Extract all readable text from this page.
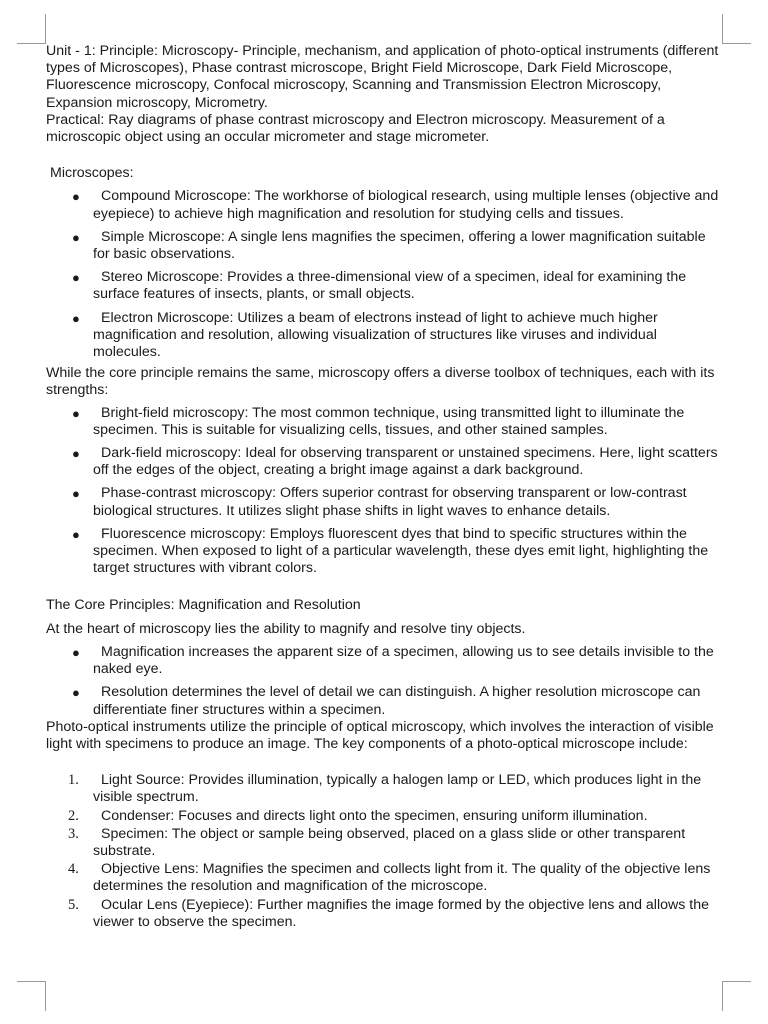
Unit - 1: Principle: Microscopy- Principle, mechanism, and application of photo-optical instruments (different types of Microscopes), Phase contrast microscope, Bright Field Microscope, Dark Field Microscope, Fluorescence microscopy, Confocal microscopy, Scanning and Transmission Electron Microscopy, Expansion microscopy, Micrometry.

Practical: Ray diagrams of phase contrast microscopy and Electron microscopy. Measurement of a microscopic object using an occular micrometer and stage micrometer.

Microscopes:

● Compound Microscope: The workhorse of biological research, using multiple lenses (objective and eyepiece) to achieve high magnification and resolution for studying cells and tissues.
● Simple Microscope: A single lens magnifies the specimen, offering a lower magnification suitable for basic observations.
● Stereo Microscope: Provides a three-dimensional view of a specimen, ideal for examining the surface features of insects, plants, or small objects.
● Electron Microscope: Utilizes a beam of electrons instead of light to achieve much higher magnification and resolution, allowing visualization of structures like viruses and individual molecules.

While the core principle remains the same, microscopy offers a diverse toolbox of techniques, each with its strengths:

● Bright-field microscopy: The most common technique, using transmitted light to illuminate the specimen. This is suitable for visualizing cells, tissues, and other stained samples.
● Dark-field microscopy: Ideal for observing transparent or unstained specimens. Here, light scatters off the edges of the object, creating a bright image against a dark background.
● Phase-contrast microscopy: Offers superior contrast for observing transparent or low-contrast biological structures. It utilizes slight phase shifts in light waves to enhance details.
● Fluorescence microscopy: Employs fluorescent dyes that bind to specific structures within the specimen. When exposed to light of a particular wavelength, these dyes emit light, highlighting the target structures with vibrant colors.

The Core Principles: Magnification and Resolution

At the heart of microscopy lies the ability to magnify and resolve tiny objects.

● Magnification increases the apparent size of a specimen, allowing us to see details invisible to the naked eye.
● Resolution determines the level of detail we can distinguish. A higher resolution microscope can differentiate finer structures within a specimen.

Photo-optical instruments utilize the principle of optical microscopy, which involves the interaction of visible light with specimens to produce an image. The key components of a photo-optical microscope include:

1. Light Source: Provides illumination, typically a halogen lamp or LED, which produces light in the visible spectrum.
2. Condenser: Focuses and directs light onto the specimen, ensuring uniform illumination.
3. Specimen: The object or sample being observed, placed on a glass slide or other transparent substrate.
4. Objective Lens: Magnifies the specimen and collects light from it. The quality of the objective lens determines the resolution and magnification of the microscope.
5. Ocular Lens (Eyepiece): Further magnifies the image formed by the objective lens and allows the viewer to observe the specimen.
